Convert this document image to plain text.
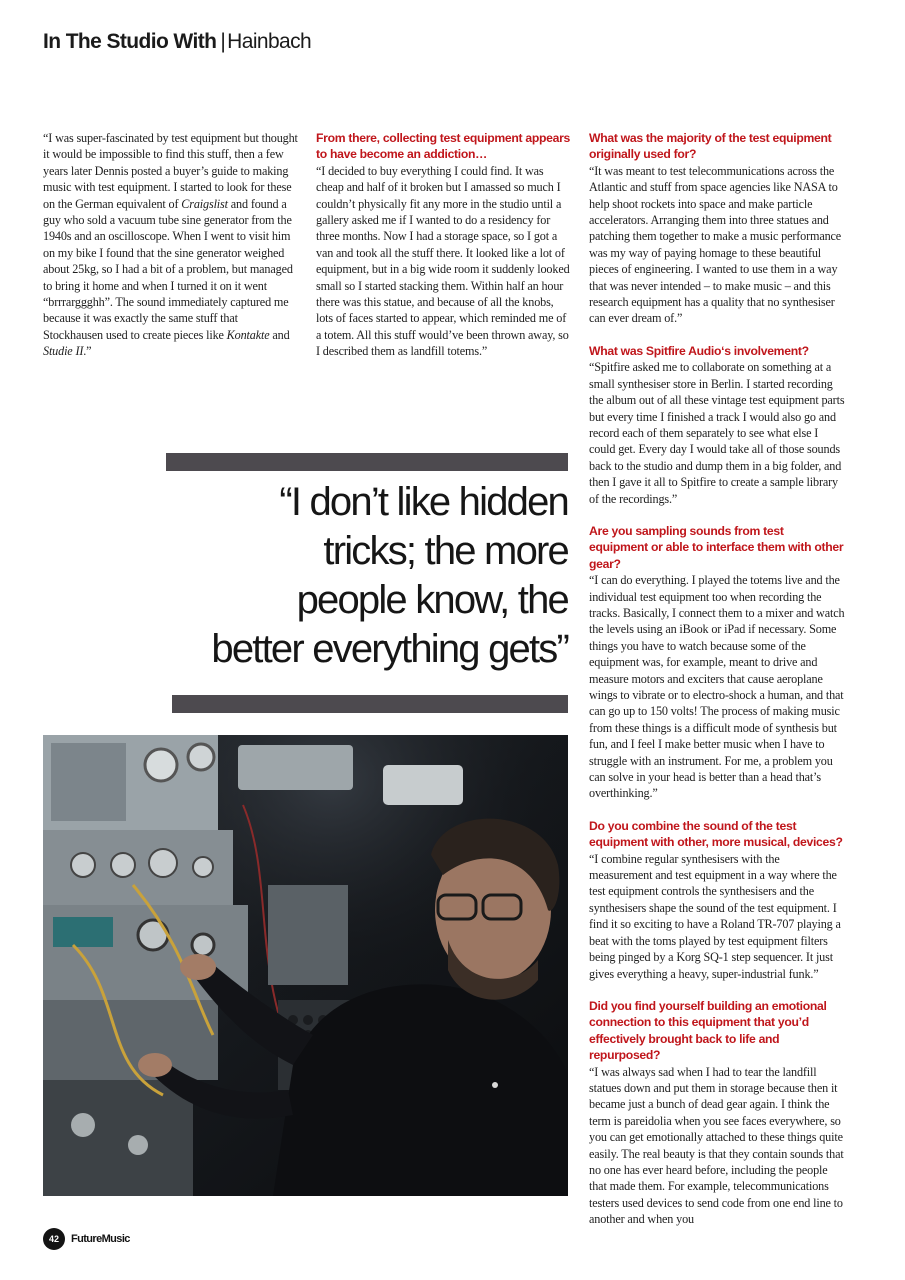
In The Studio With |Hainbach

“I was super-fascinated by test equipment but thought it would be impossible to find this stuff, then a few years later Dennis posted a buyer’s guide to making music with test equipment. I started to look for these on the German equivalent of Craigslist and found a guy who sold a vacuum tube sine generator from the 1940s and an oscilloscope. When I went to visit him on my bike I found that the sine generator weighed about 25kg, so I had a bit of a problem, but managed to bring it home and when I turned it on it went “brrrarggghh”. The sound immediately captured me because it was exactly the same stuff that Stockhausen used to create pieces like Kontakte and Studie II.”

From there, collecting test equipment appears to have become an addiction…

“I decided to buy everything I could find. It was cheap and half of it broken but I amassed so much I couldn’t physically fit any more in the studio until a gallery asked me if I wanted to do a residency for three months. Now I had a storage space, so I got a van and took all the stuff there. It looked like a lot of equipment, but in a big wide room it suddenly looked small so I started stacking them. Within half an hour there was this statue, and because of all the knobs, lots of faces started to appear, which reminded me of a totem. All this stuff would’ve been thrown away, so I described them as landfill totems.”

What was the majority of the test equipment originally used for?

“It was meant to test telecommunications across the Atlantic and stuff from space agencies like NASA to help shoot rockets into space and make particle accelerators. Arranging them into three statues and patching them together to make a music performance was my way of paying homage to these beautiful pieces of engineering. I wanted to use them in a way that was never intended – to make music – and this research equipment has a quality that no synthesiser can ever dream of.”

What was Spitfire Audio‘s involvement?

“Spitfire asked me to collaborate on something at a small synthesiser store in Berlin. I started recording the album out of all these vintage test equipment parts but every time I finished a track I would also go and record each of them separately to see what else I could get. Every day I would take all of those sounds back to the studio and dump them in a big folder, and then I gave it all to Spitfire to create a sample library of the recordings.”

Are you sampling sounds from test equipment or able to interface them with other gear?

“I can do everything. I played the totems live and the individual test equipment too when recording the tracks. Basically, I connect them to a mixer and watch the levels using an iBook or iPad if necessary. Some things you have to watch because some of the equipment was, for example, meant to drive and measure motors and exciters that cause aeroplane wings to vibrate or to electro-shock a human, and that can go up to 150 volts! The process of making music from these things is a difficult mode of synthesis but fun, and I feel I make better music when I have to struggle with an instrument. For me, a problem you can solve in your head is better than a head that’s overthinking.”

Do you combine the sound of the test equipment with other, more musical, devices?

“I combine regular synthesisers with the measurement and test equipment in a way where the test equipment controls the synthesisers and the synthesisers shape the sound of the test equipment. I find it so exciting to have a Roland TR-707 playing a beat with the toms played by test equipment filters being pinged by a Korg SQ-1 step sequencer. It just gives everything a heavy, super-industrial funk.”

Did you find yourself building an emotional connection to this equipment that you’d effectively brought back to life and repurposed?

“I was always sad when I had to tear the landfill statues down and put them in storage because then it became just a bunch of dead gear again. I think the term is pareidolia when you see faces everywhere, so you can get emotionally attached to these things quite easily. The real beauty is that they contain sounds that no one has ever heard before, including the people that made them. For example, telecommunications testers used devices to send code from one end line to another and when you

“I don’t like hidden
tricks; the more
people know, the
better everything gets”
42	FutureMusic
